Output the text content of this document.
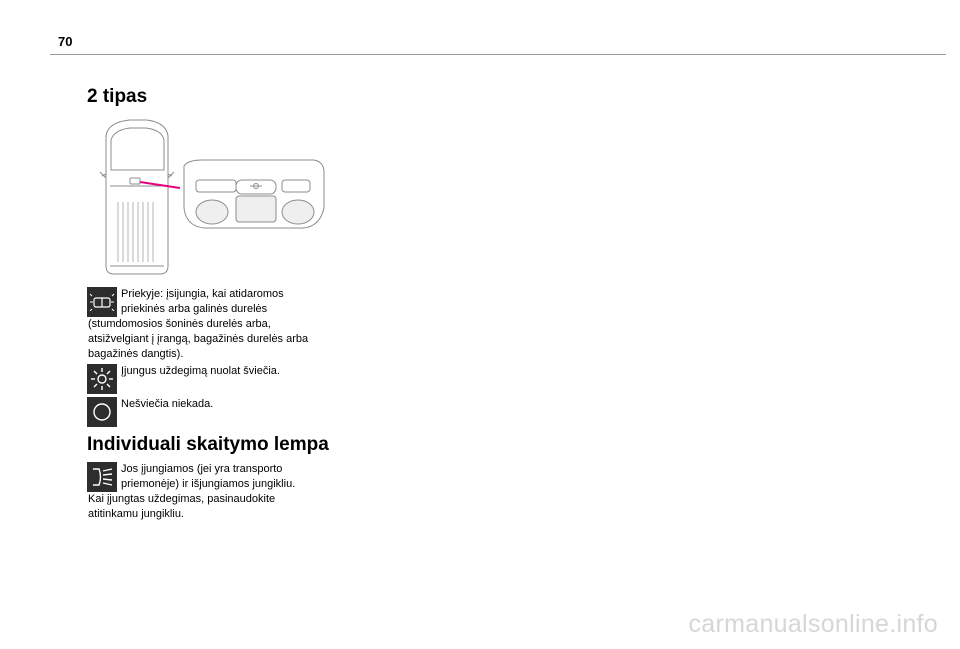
70
2 tipas

Priekyje: įsijungia, kai atidaromos
priekinės arba galinės durelės
(stumdomosios šoninės durelės arba,
atsižvelgiant į įrangą, bagažinės durelės arba
bagažinės dangtis).

Įjungus uždegimą nuolat šviečia.

Nešviečia niekada.

Individuali skaitymo lempa

Jos įjungiamos (jei yra transporto
priemonėje) ir išjungiamos jungikliu.
Kai įjungtas uždegimas, pasinaudokite
atitinkamu jungikliu.

carmanualsonline.info
